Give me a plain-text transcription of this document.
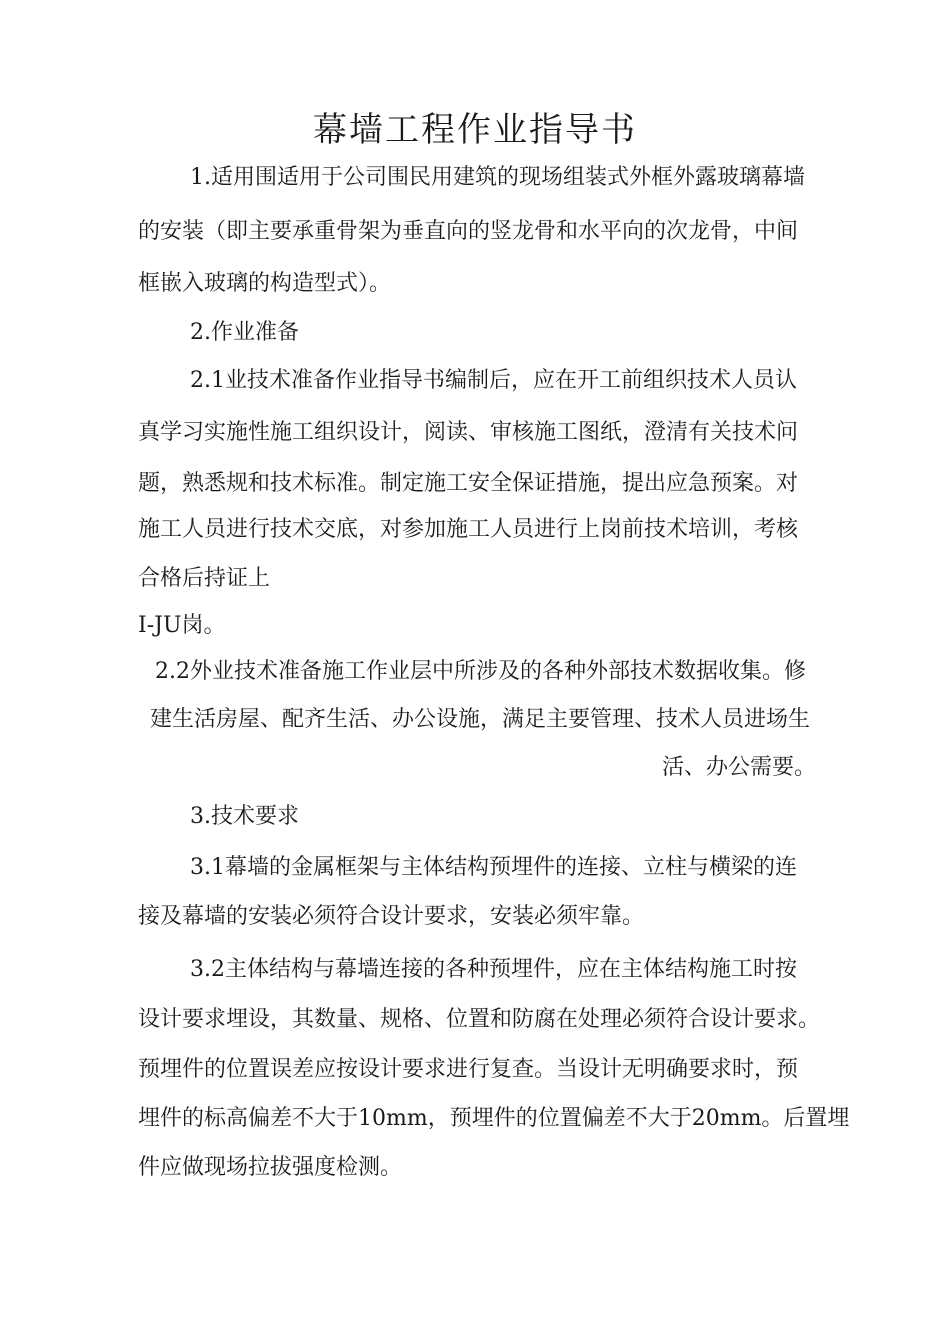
幕墙工程作业指导书
1.适用围适用于公司围民用建筑的现场组装式外框外露玻璃幕墙
的安装（即主要承重骨架为垂直向的竖龙骨和水平向的次龙骨，中间
框嵌入玻璃的构造型式）。
2.作业准备
2.1业技术准备作业指导书编制后，应在开工前组织技术人员认
真学习实施性施工组织设计，阅读、审核施工图纸，澄清有关技术问
题，熟悉规和技术标准。制定施工安全保证措施，提出应急预案。对
施工人员进行技术交底，对参加施工人员进行上岗前技术培训，考核
合格后持证上
I-JU岗。
2.2外业技术准备施工作业层中所涉及的各种外部技术数据收集。修
建生活房屋、配齐生活、办公设施，满足主要管理、技术人员进场生
活、办公需要。
3.技术要求
3.1幕墙的金属框架与主体结构预埋件的连接、立柱与横梁的连
接及幕墙的安装必须符合设计要求，安装必须牢靠。
3.2主体结构与幕墙连接的各种预埋件，应在主体结构施工时按
设计要求埋设，其数量、规格、位置和防腐在处理必须符合设计要求。
预埋件的位置误差应按设计要求进行复查。当设计无明确要求时，预
埋件的标高偏差不大于10mm，预埋件的位置偏差不大于20mm。后置埋
件应做现场拉拔强度检测。
